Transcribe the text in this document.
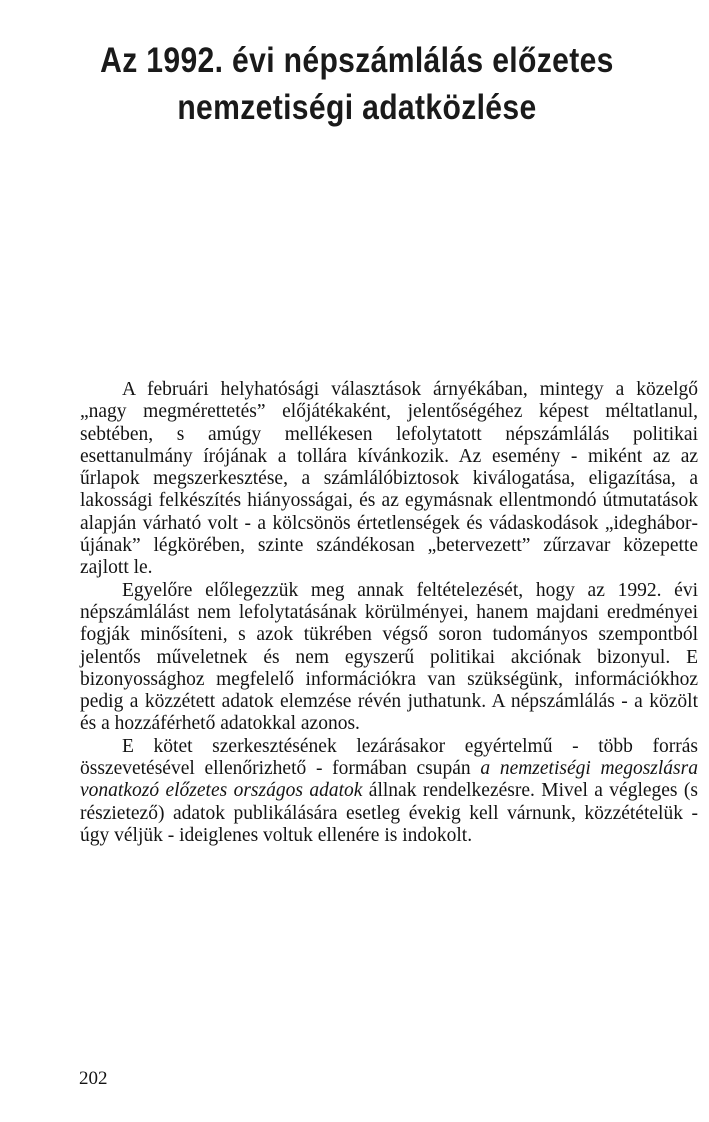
Az 1992. évi népszámlálás előzetes
nemzetiségi adatközlése

A februári helyhatósági választások árnyékában, mintegy a közelgő „nagy megmérettetés” előjátékaként, jelentőségéhez képest méltatlanul, sebtében, s amúgy mellékesen lefolytatott népszámlálás politikai esettanulmány írójának a tollára kívánkozik. Az esemény - miként az az űrlapok megszerkesztése, a számlálóbiztosok kiválogatása, eligazítása, a lakossági felkészítés hiányosságai, és az egymásnak ellentmondó útmutatások alapján várható volt - a kölcsönös értetlenségek és vádaskodások „idegháborújának” légkörében, szinte szándékosan „betervezett” zűrzavar közepette zajlott le.

Egyelőre előlegezzük meg annak feltételezését, hogy az 1992. évi népszámlálást nem lefolytatásának körülményei, hanem majdani eredményei fogják minősíteni, s azok tükrében végső soron tudományos szempontból jelentős műveletnek és nem egyszerű politikai akciónak bizonyul. E bizonyossághoz megfelelő információkra van szükségünk, információkhoz pedig a közzétett adatok elemzése révén juthatunk. A népszámlálás - a közölt és a hozzáférhető adatokkal azonos.

E kötet szerkesztésének lezárásakor egyértelmű - több forrás összevetésével ellenőrizhető - formában csupán a nemzetiségi megoszlásra vonatkozó előzetes országos adatok állnak rendelkezésre. Mivel a végleges (s részietező) adatok publikálására esetleg évekig kell várnunk, közzétételük - úgy véljük - ideiglenes voltuk ellenére is indokolt.

202
